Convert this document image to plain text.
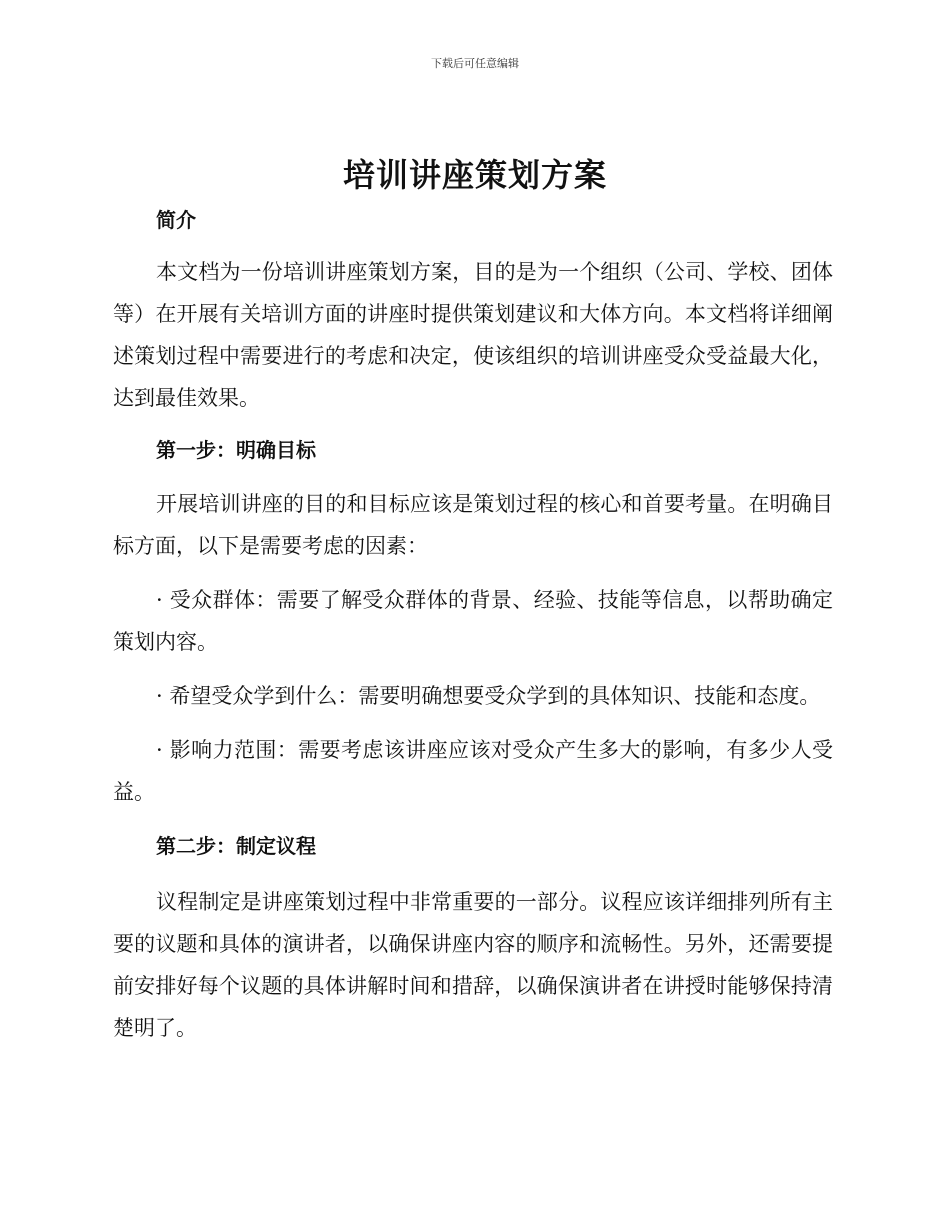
下载后可任意编辑
培训讲座策划方案

简介

本文档为一份培训讲座策划方案，目的是为一个组织（公司、学校、团体等）在开展有关培训方面的讲座时提供策划建议和大体方向。本文档将详细阐述策划过程中需要进行的考虑和决定，使该组织的培训讲座受众受益最大化，达到最佳效果。

第一步：明确目标

开展培训讲座的目的和目标应该是策划过程的核心和首要考量。在明确目标方面，以下是需要考虑的因素：

· 受众群体：需要了解受众群体的背景、经验、技能等信息，以帮助确定策划内容。

· 希望受众学到什么：需要明确想要受众学到的具体知识、技能和态度。

· 影响力范围：需要考虑该讲座应该对受众产生多大的影响，有多少人受益。

第二步：制定议程

议程制定是讲座策划过程中非常重要的一部分。议程应该详细排列所有主要的议题和具体的演讲者，以确保讲座内容的顺序和流畅性。另外，还需要提前安排好每个议题的具体讲解时间和措辞，以确保演讲者在讲授时能够保持清楚明了。
